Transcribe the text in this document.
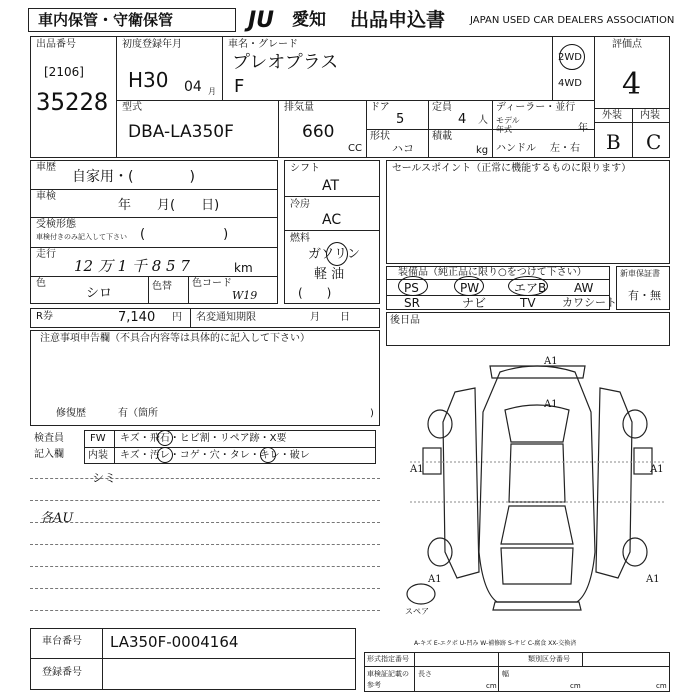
車内保管・守衛保管	JU 愛知 出品申込書 JAPAN USED CAR DEALERS ASSOCIATION
出品番号
[2106]
35228
初度登録年月
H30 04 月
車名・グレード
プレオプラス
F
2WD
4WD
評価点
4
外装 内装
B C
型式
DBA-LA350F
排気量
660
CC
ドア
5
形状
ハコ
定員
4 人
積載
kg
ディーラー・並行
モデル
年式	年
ハンドル 左・右
車歴
自家用・(　　　　)
車検
年　　月(　　日)
受検形態
車検付きのみ記入して下さい (　　　　　　)
走行
12 万 1 千 8 5 7	km
色
シロ	色替 色コード
W19
シフト
AT
冷房
AC
燃料
ガソリン
軽 油
(　　)
セールスポイント（正常に機能するものに限ります）
装備品（純正品に限り○をつけて下さい）
PS	PW	エアB AW
SR	ナビ	TV カワシート
新車保証書
有・無
R券	7,140 円 名変通知期限	月　　日	後日品
注意事項申告欄（不具合内容等は具体的に記入して下さい）
修復歴	有（箇所	)
検査員
記入欄
FW キズ・飛石・ヒビ割・リペア跡・X要
内装 キズ・汚レ・コゲ・穴・タレ・キレ・破レ
シミ
各AU
A1
A1
A1	A1
A1	A1
スペア
A-キズ E-エクボ U-凹み W-補修跡 S-サビ C-腐食 XX-交換済
車台番号 LA350F-0004164
登録番号
形式指定番号	類別区分番号
車検証記載の 長さ	幅
参考	cm	cm	cm
